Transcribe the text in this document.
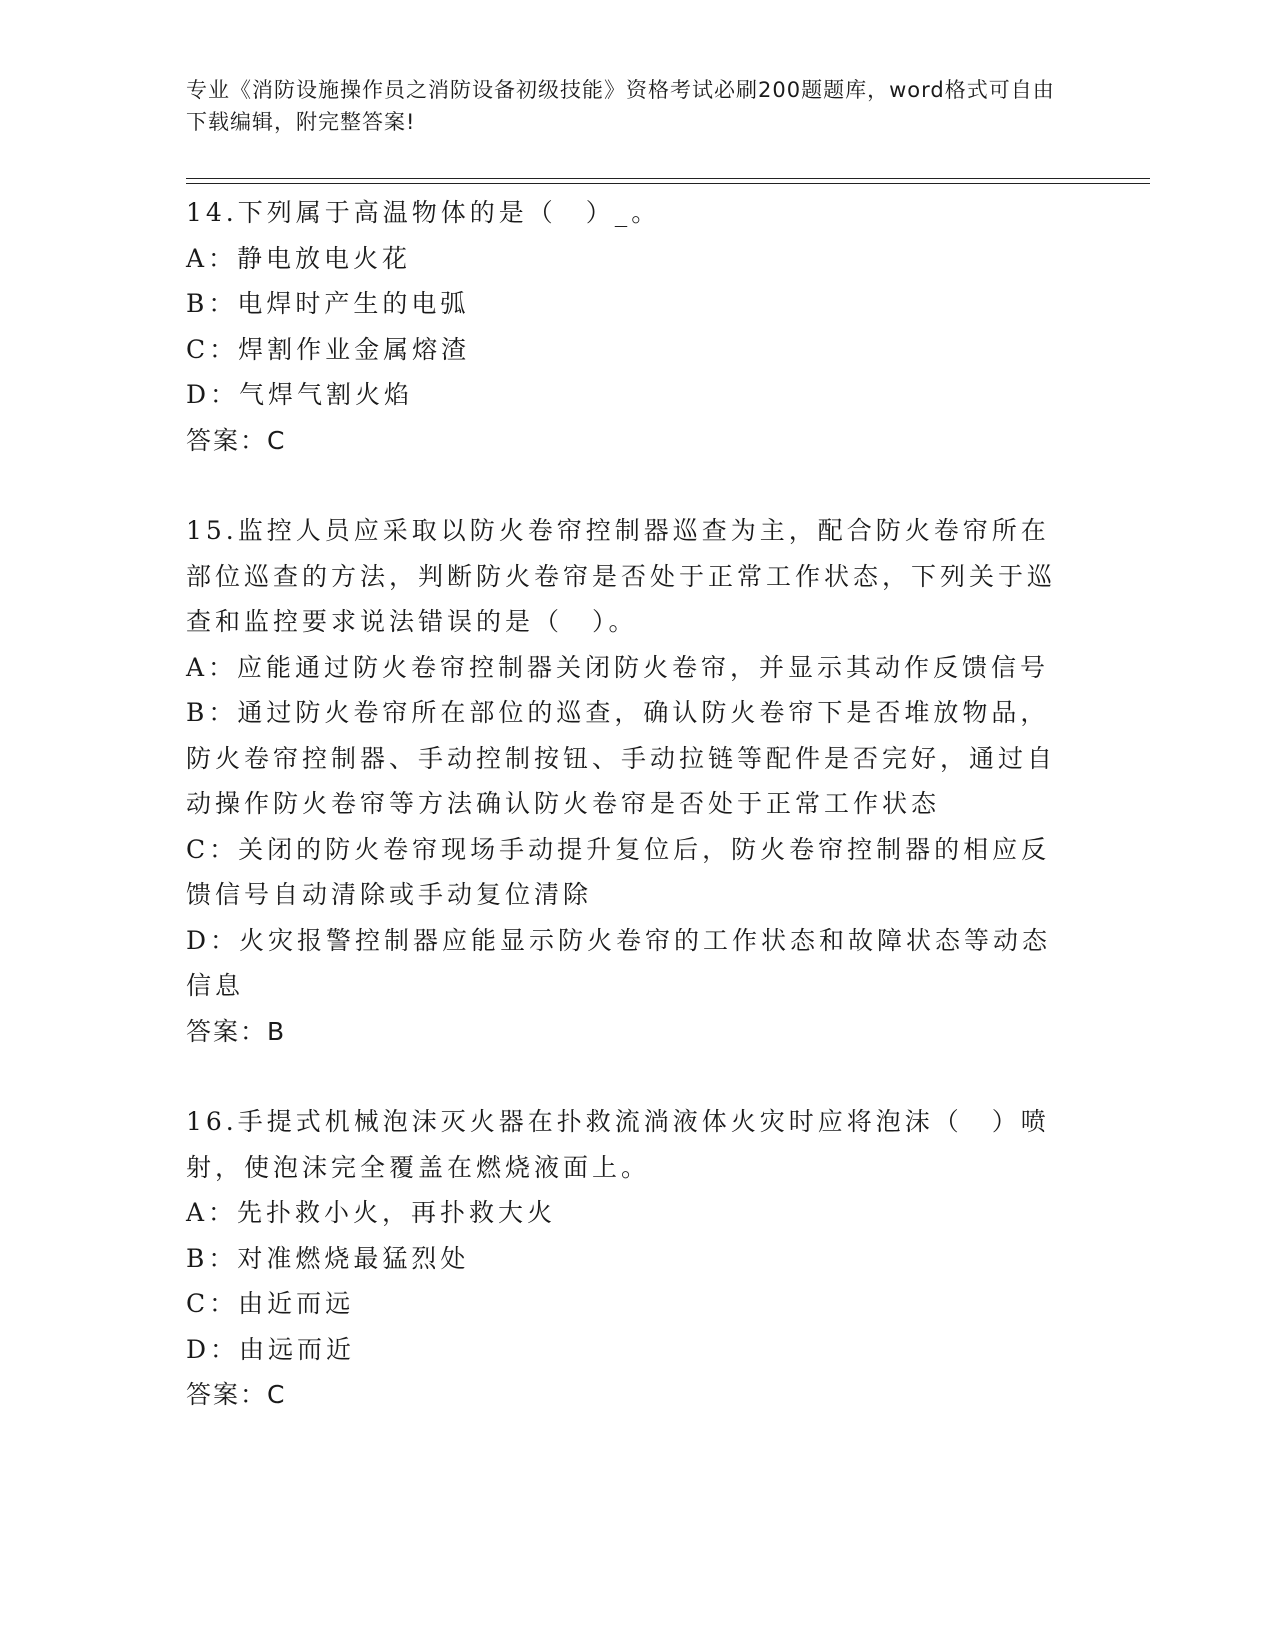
专业《消防设施操作员之消防设备初级技能》资格考试必刷200题题库，word格式可自由下载编辑，附完整答案!

14.下列属于高温物体的是（　）_。

A：静电放电火花

B：电焊时产生的电弧

C：焊割作业金属熔渣

D：气焊气割火焰

答案：C

15.监控人员应采取以防火卷帘控制器巡查为主，配合防火卷帘所在部位巡查的方法，判断防火卷帘是否处于正常工作状态，下列关于巡查和监控要求说法错误的是（　）。

A：应能通过防火卷帘控制器关闭防火卷帘，并显示其动作反馈信号

B：通过防火卷帘所在部位的巡查，确认防火卷帘下是否堆放物品，防火卷帘控制器、手动控制按钮、手动拉链等配件是否完好，通过自动操作防火卷帘等方法确认防火卷帘是否处于正常工作状态

C：关闭的防火卷帘现场手动提升复位后，防火卷帘控制器的相应反馈信号自动清除或手动复位清除

D：火灾报警控制器应能显示防火卷帘的工作状态和故障状态等动态信息

答案：B

16.手提式机械泡沫灭火器在扑救流淌液体火灾时应将泡沫（　）喷射，使泡沫完全覆盖在燃烧液面上。

A：先扑救小火，再扑救大火

B：对准燃烧最猛烈处

C：由近而远

D：由远而近

答案：C
